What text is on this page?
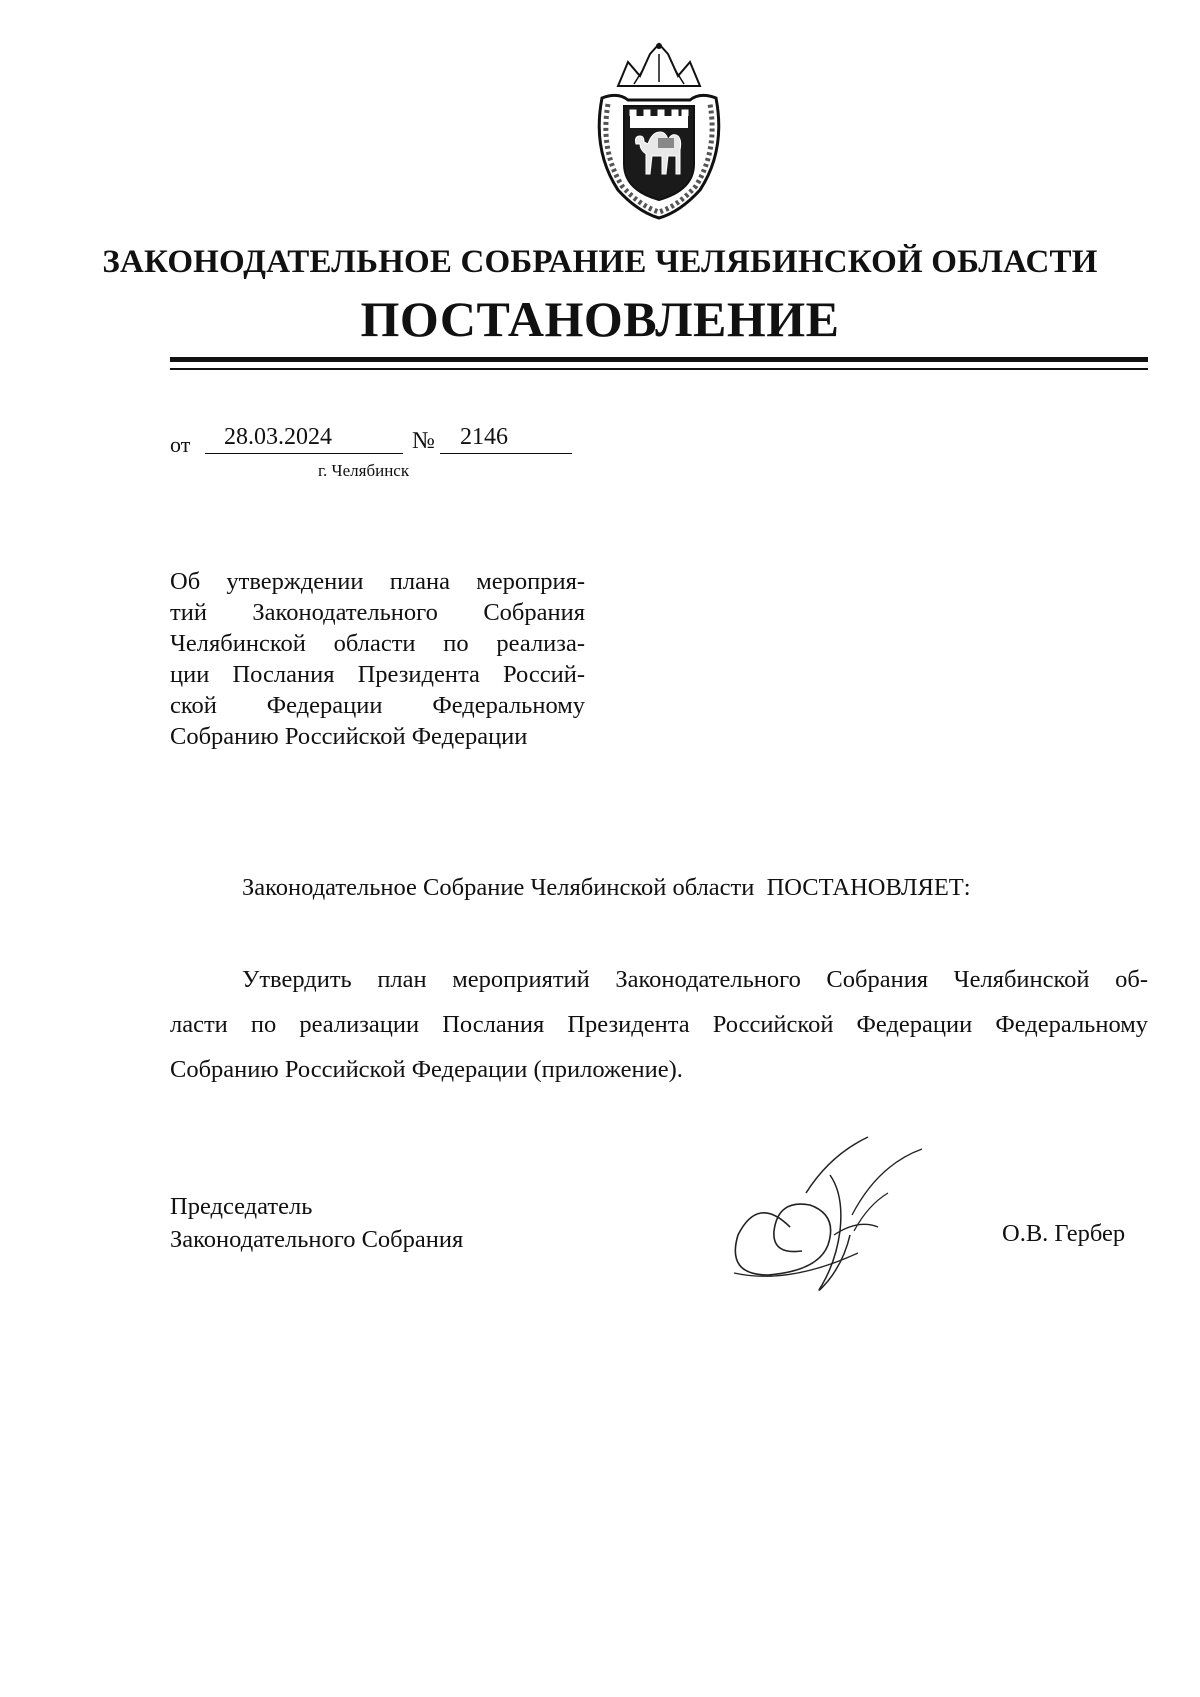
ЗАКОНОДАТЕЛЬНОЕ СОБРАНИЕ ЧЕЛЯБИНСКОЙ ОБЛАСТИ
ПОСТАНОВЛЕНИЕ
от 28.03.2024	№ 2146
г. Челябинск
Об утверждении плана мероприя-
тий Законодательного Собрания
Челябинской области по реализа-
ции Послания Президента Россий-
ской Федерации Федеральному
Собранию Российской Федерации
Законодательное Собрание Челябинской области  ПОСТАНОВЛЯЕТ:
Утвердить план мероприятий Законодательного Собрания Челябинской об-
ласти по реализации Послания Президента Российской Федерации Федеральному
Собранию Российской Федерации (приложение).
Председатель
Законодательного Собрания	О.В. Гербер
